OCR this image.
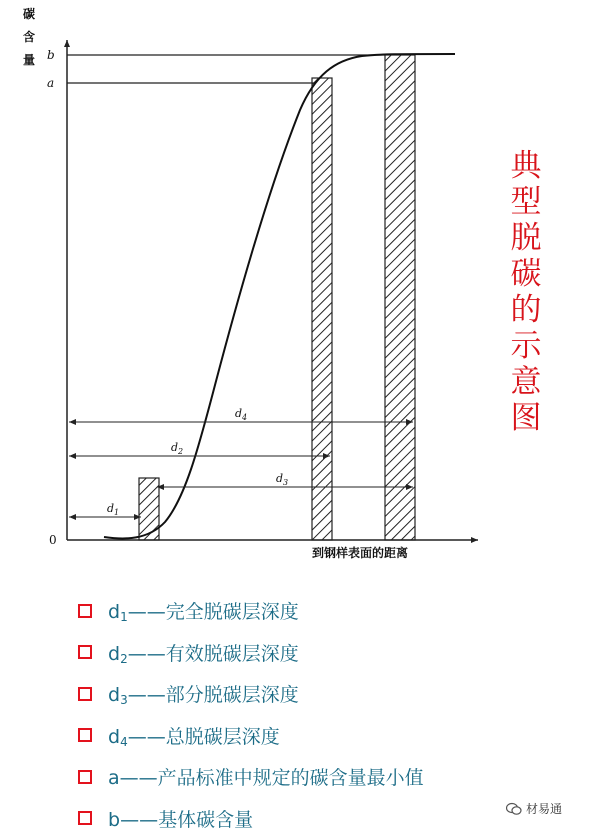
碳
含
量 b
a
0
到钢样表面的距离
$d_4$
$d_2$
$d_3$
$d_1$
典型脱碳的示意图
$d_1——$完全脱碳层深度
$d_2——$有效脱碳层深度
$d_3——$部分脱碳层深度
$d_4——$总脱碳层深度
a——产品标准中规定的碳含量最小值
b——基体碳含量	材易通
